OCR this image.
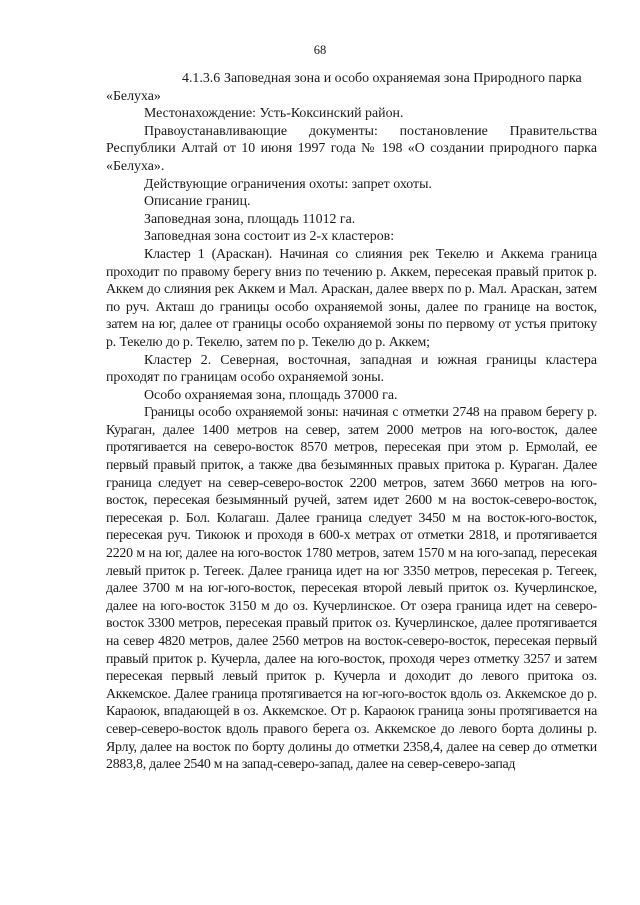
68

4.1.3.6 Заповедная зона и особо охраняемая зона Природного парка «Белуха»

Местонахождение: Усть-Коксинский район.

Правоустанавливающие документы: постановление Правительства Республики Алтай от 10 июня 1997 года № 198 «О создании природного парка «Белуха».

Действующие ограничения охоты: запрет охоты.

Описание границ.

Заповедная зона, площадь 11012 га.

Заповедная зона состоит из 2-х кластеров:

Кластер 1 (Араскан). Начиная со слияния рек Текелю и Аккема граница проходит по правому берегу вниз по течению р. Аккем, пересекая правый приток р. Аккем до слияния рек Аккем и Мал. Араскан, далее вверх по р. Мал. Араскан, затем по руч. Акташ до границы особо охраняемой зоны, далее по границе на восток, затем на юг, далее от границы особо охраняемой зоны по первому от устья притоку р. Текелю до р. Текелю, затем по р. Текелю до р. Аккем;

Кластер 2. Северная, восточная, западная и южная границы кластера проходят по границам особо охраняемой зоны.

Особо охраняемая зона, площадь 37000 га.

Границы особо охраняемой зоны: начиная с отметки 2748 на правом берегу р. Кураган, далее 1400 метров на север, затем 2000 метров на юго-восток, далее протягивается на северо-восток 8570 метров, пересекая при этом р. Ермолай, ее первый правый приток, а также два безымянных правых притока р. Кураган. Далее граница следует на север-северо-восток 2200 метров, затем 3660 метров на юго-восток, пересекая безымянный ручей, затем идет 2600 м на восток-северо-восток, пересекая р. Бол. Колагаш. Далее граница следует 3450 м на восток-юго-восток, пересекая руч. Тикоюк и проходя в 600-х метрах от отметки 2818, и протягивается 2220 м на юг, далее на юго-восток 1780 метров, затем 1570 м на юго-запад, пересекая левый приток р. Тегеек. Далее граница идет на юг 3350 метров, пересекая р. Тегеек, далее 3700 м на юг-юго-восток, пересекая второй левый приток оз. Кучерлинское, далее на юго-восток 3150 м до оз. Кучерлинское. От озера граница идет на северо-восток 3300 метров, пересекая правый приток оз. Кучерлинское, далее протягивается на север 4820 метров, далее 2560 метров на восток-северо-восток, пересекая первый правый приток р. Кучерла, далее на юго-восток, проходя через отметку 3257 и затем пересекая первый левый приток р. Кучерла и доходит до левого притока оз. Аккемское. Далее граница протягивается на юг-юго-восток вдоль оз. Аккемское до р. Караоюк, впадающей в оз. Аккемское. От р. Караоюк граница зоны протягивается на север-северо-восток вдоль правого берега оз. Аккемское до левого борта долины р. Ярлу, далее на восток по борту долины до отметки 2358,4, далее на север до отметки 2883,8, далее 2540 м на запад-северо-запад, далее на север-северо-запад
